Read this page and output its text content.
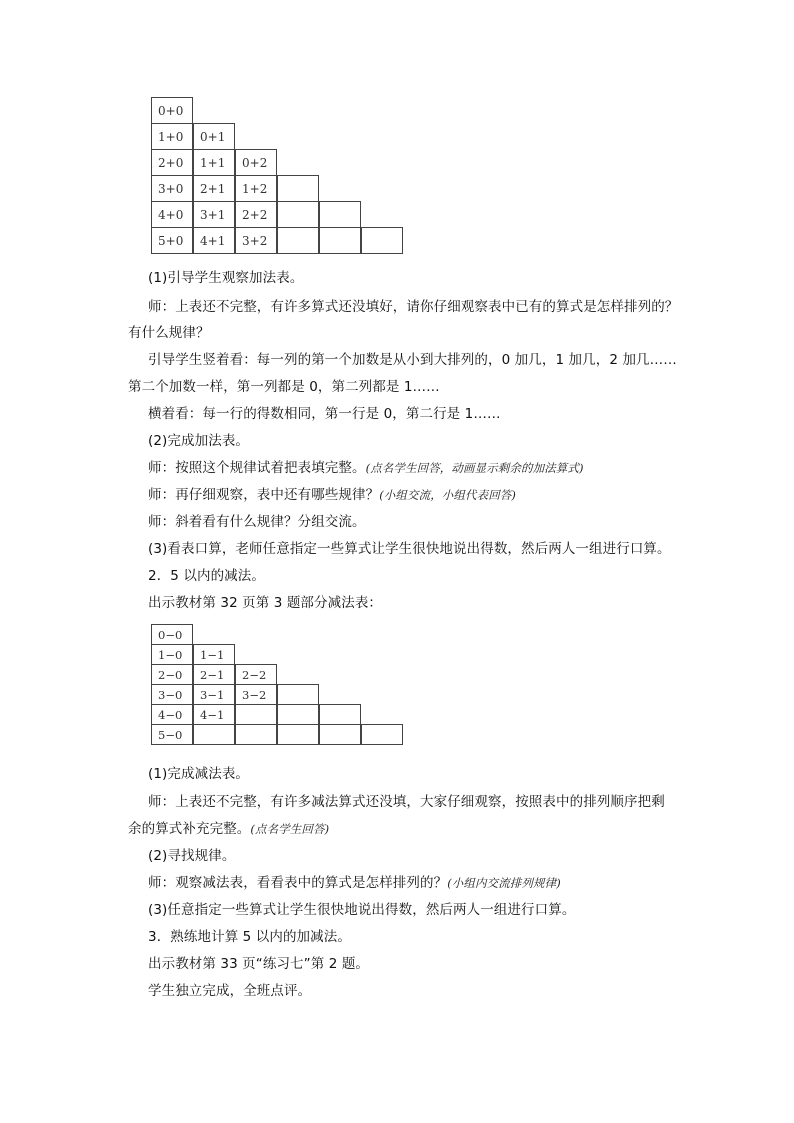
0+0
1+0	0+1
2+0	1+1	0+2
3+0	2+1	1+2
4+0	3+1	2+2
5+0	4+1	3+2
(1)引导学生观察加法表。
师：上表还不完整，有许多算式还没填好，请你仔细观察表中已有的算式是怎样排列的？
有什么规律？
引导学生竖着看：每一列的第一个加数是从小到大排列的，0 加几，1 加几，2 加几……
第二个加数一样，第一列都是 0，第二列都是 1……
横着看：每一行的得数相同，第一行是 0，第二行是 1……
(2)完成加法表。
师：按照这个规律试着把表填完整。(点名学生回答，动画显示剩余的加法算式)
师：再仔细观察，表中还有哪些规律？(小组交流，小组代表回答)
师：斜着看有什么规律？分组交流。
(3)看表口算，老师任意指定一些算式让学生很快地说出得数，然后两人一组进行口算。
2．5 以内的减法。
出示教材第 32 页第 3 题部分减法表：
0−0
1−0	1−1
2−0	2−1	2−2
3−0	3−1	3−2
4−0	4−1
5−0
(1)完成减法表。
师：上表还不完整，有许多减法算式还没填，大家仔细观察，按照表中的排列顺序把剩
余的算式补充完整。(点名学生回答)
(2)寻找规律。
师：观察减法表，看看表中的算式是怎样排列的？(小组内交流排列规律)
(3)任意指定一些算式让学生很快地说出得数，然后两人一组进行口算。
3．熟练地计算 5 以内的加减法。
出示教材第 33 页“练习七”第 2 题。
学生独立完成，全班点评。
